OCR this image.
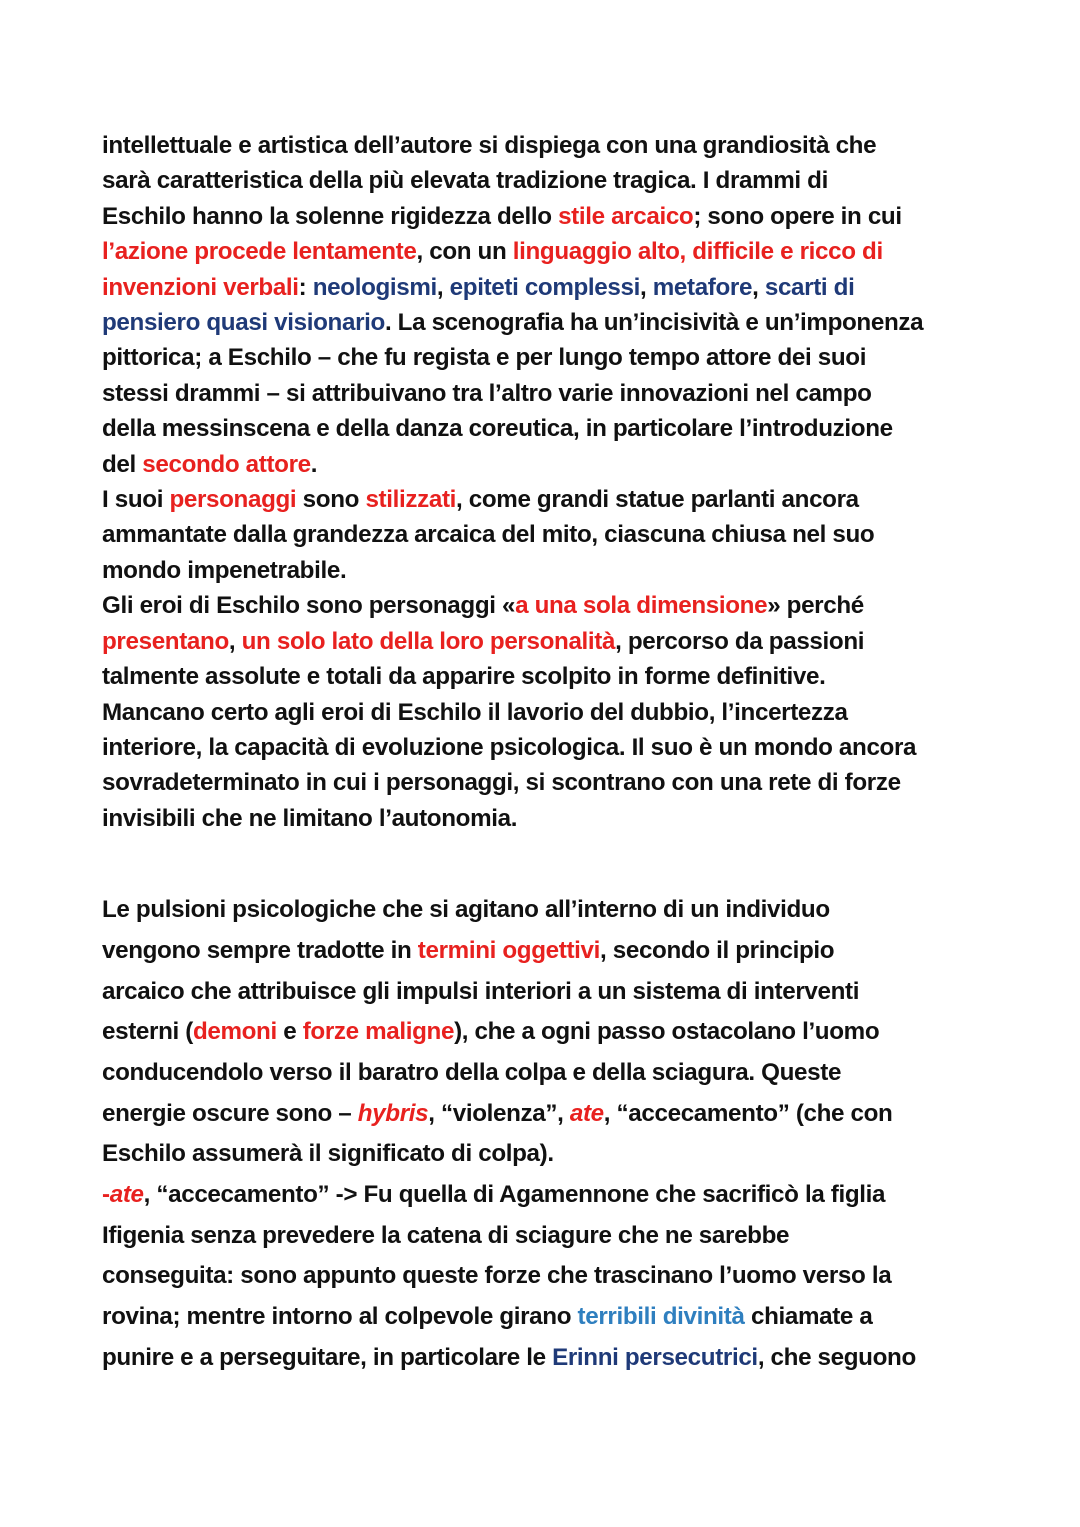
intellettuale e artistica dell’autore si dispiega con una grandiosità che
sarà caratteristica della più elevata tradizione tragica. I drammi di
Eschilo hanno la solenne rigidezza dello stile arcaico; sono opere in cui
l’azione procede lentamente, con un linguaggio alto, difficile e ricco di
invenzioni verbali: neologismi, epiteti complessi, metafore, scarti di
pensiero quasi visionario. La scenografia ha un’incisività e un’imponenza
pittorica; a Eschilo – che fu regista e per lungo tempo attore dei suoi
stessi drammi – si attribuivano tra l’altro varie innovazioni nel campo
della messinscena e della danza coreutica, in particolare l’introduzione
del secondo attore.
I suoi personaggi sono stilizzati, come grandi statue parlanti ancora
ammantate dalla grandezza arcaica del mito, ciascuna chiusa nel suo
mondo impenetrabile.
Gli eroi di Eschilo sono personaggi «a una sola dimensione» perché
presentano, un solo lato della loro personalità, percorso da passioni
talmente assolute e totali da apparire scolpito in forme definitive.
Mancano certo agli eroi di Eschilo il lavorio del dubbio, l’incertezza
interiore, la capacità di evoluzione psicologica. Il suo è un mondo ancora
sovradeterminato in cui i personaggi, si scontrano con una rete di forze
invisibili che ne limitano l’autonomia.
Le pulsioni psicologiche che si agitano all’interno di un individuo
vengono sempre tradotte in termini oggettivi, secondo il principio
arcaico che attribuisce gli impulsi interiori a un sistema di interventi
esterni (demoni e forze maligne), che a ogni passo ostacolano l’uomo
conducendolo verso il baratro della colpa e della sciagura. Queste
energie oscure sono – hybris, “violenza”, ate, “accecamento” (che con
Eschilo assumerà il significato di colpa).
-ate, “accecamento” -> Fu quella di Agamennone che sacrificò la figlia
Ifigenia senza prevedere la catena di sciagure che ne sarebbe
conseguita: sono appunto queste forze che trascinano l’uomo verso la
rovina; mentre intorno al colpevole girano terribili divinità chiamate a
punire e a perseguitare, in particolare le Erinni persecutrici, che seguono
